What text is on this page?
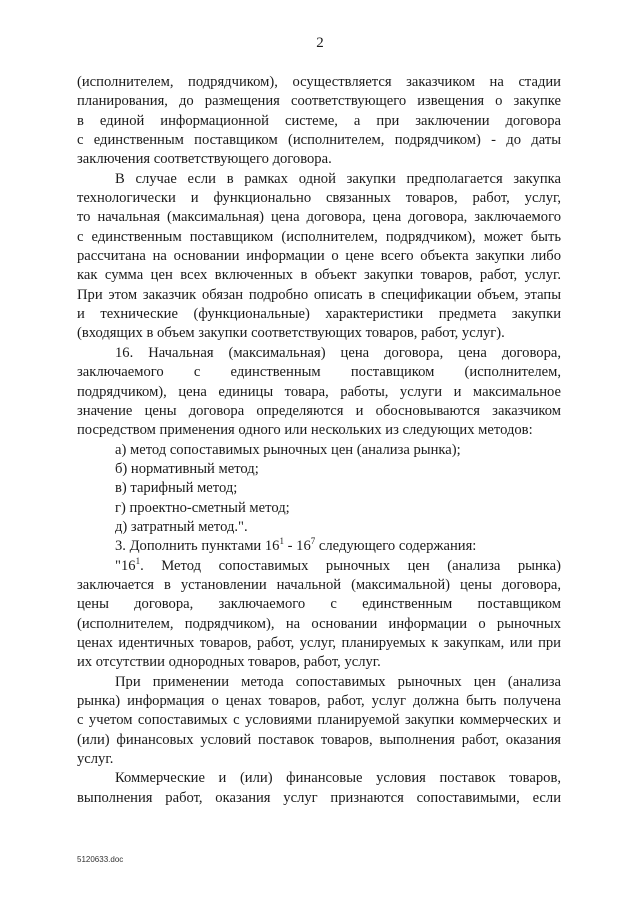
2

(исполнителем, подрядчиком), осуществляется заказчиком на стадии

планирования, до размещения соответствующего извещения о закупке

в единой информационной системе, а при заключении договора

с единственным поставщиком (исполнителем, подрядчиком) - до даты

заключения соответствующего договора.

В случае если в рамках одной закупки предполагается закупка

технологически и функционально связанных товаров, работ, услуг,

то начальная (максимальная) цена договора, цена договора, заключаемого

с единственным поставщиком (исполнителем, подрядчиком), может быть

рассчитана на основании информации о цене всего объекта закупки либо

как сумма цен всех включенных в объект закупки товаров, работ, услуг.

При этом заказчик обязан подробно описать в спецификации объем, этапы

и технические (функциональные) характеристики предмета закупки

(входящих в объем закупки соответствующих товаров, работ, услуг).

16. Начальная (максимальная) цена договора, цена договора,

заключаемого с единственным поставщиком (исполнителем,

подрядчиком), цена единицы товара, работы, услуги и максимальное

значение цены договора определяются и обосновываются заказчиком

посредством применения одного или нескольких из следующих методов:

а) метод сопоставимых рыночных цен (анализа рынка);

б) нормативный метод;

в) тарифный метод;

г) проектно-сметный метод;

д) затратный метод.".

3. Дополнить пунктами $16^1 - 16^7$ следующего содержания:

"$16^1$. Метод сопоставимых рыночных цен (анализа рынка)

заключается в установлении начальной (максимальной) цены договора,

цены договора, заключаемого с единственным поставщиком

(исполнителем, подрядчиком), на основании информации о рыночных

ценах идентичных товаров, работ, услуг, планируемых к закупкам, или при

их отсутствии однородных товаров, работ, услуг.

При применении метода сопоставимых рыночных цен (анализа

рынка) информация о ценах товаров, работ, услуг должна быть получена

с учетом сопоставимых с условиями планируемой закупки коммерческих и

(или) финансовых условий поставок товаров, выполнения работ, оказания

услуг.

Коммерческие и (или) финансовые условия поставок товаров,

выполнения работ, оказания услуг признаются сопоставимыми, если

5120633.doc
